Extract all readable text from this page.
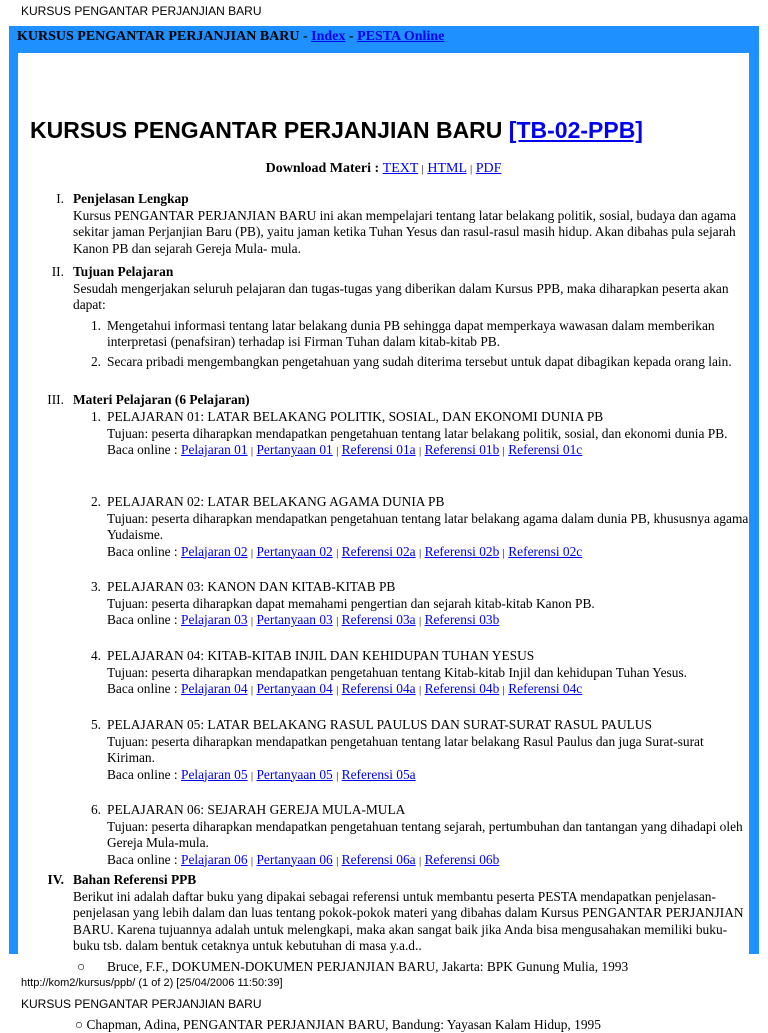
KURSUS PENGANTAR PERJANJIAN BARU
KURSUS PENGANTAR PERJANJIAN BARU - Index - PESTA Online
KURSUS PENGANTAR PERJANJIAN BARU [TB-02-PPB]
Download Materi : TEXT | HTML | PDF
I. Penjelasan Lengkap
Kursus PENGANTAR PERJANJIAN BARU ini akan mempelajari tentang latar belakang politik, sosial, budaya dan agama sekitar jaman Perjanjian Baru (PB), yaitu jaman ketika Tuhan Yesus dan rasul-rasul masih hidup. Akan dibahas pula sejarah Kanon PB dan sejarah Gereja Mula- mula.
II. Tujuan Pelajaran
Sesudah mengerjakan seluruh pelajaran dan tugas-tugas yang diberikan dalam Kursus PPB, maka diharapkan peserta akan dapat:
1. Mengetahui informasi tentang latar belakang dunia PB sehingga dapat memperkaya wawasan dalam memberikan interpretasi (penafsiran) terhadap isi Firman Tuhan dalam kitab-kitab PB.
2. Secara pribadi mengembangkan pengetahuan yang sudah diterima tersebut untuk dapat dibagikan kepada orang lain.
III. Materi Pelajaran (6 Pelajaran)
1. PELAJARAN 01: LATAR BELAKANG POLITIK, SOSIAL, DAN EKONOMI DUNIA PB
Tujuan: peserta diharapkan mendapatkan pengetahuan tentang latar belakang politik, sosial, dan ekonomi dunia PB.
Baca online : Pelajaran 01 | Pertanyaan 01 | Referensi 01a | Referensi 01b | Referensi 01c
2. PELAJARAN 02: LATAR BELAKANG AGAMA DUNIA PB
Tujuan: peserta diharapkan mendapatkan pengetahuan tentang latar belakang agama dalam dunia PB, khususnya agama Yudaisme.
Baca online : Pelajaran 02 | Pertanyaan 02 | Referensi 02a | Referensi 02b | Referensi 02c
3. PELAJARAN 03: KANON DAN KITAB-KITAB PB
Tujuan: peserta diharapkan dapat memahami pengertian dan sejarah kitab-kitab Kanon PB.
Baca online : Pelajaran 03 | Pertanyaan 03 | Referensi 03a | Referensi 03b
4. PELAJARAN 04: KITAB-KITAB INJIL DAN KEHIDUPAN TUHAN YESUS
Tujuan: peserta diharapkan mendapatkan pengetahuan tentang Kitab-kitab Injil dan kehidupan Tuhan Yesus.
Baca online : Pelajaran 04 | Pertanyaan 04 | Referensi 04a | Referensi 04b | Referensi 04c
5. PELAJARAN 05: LATAR BELAKANG RASUL PAULUS DAN SURAT-SURAT RASUL PAULUS
Tujuan: peserta diharapkan mendapatkan pengetahuan tentang latar belakang Rasul Paulus dan juga Surat-surat Kiriman.
Baca online : Pelajaran 05 | Pertanyaan 05 | Referensi 05a
6. PELAJARAN 06: SEJARAH GEREJA MULA-MULA
Tujuan: peserta diharapkan mendapatkan pengetahuan tentang sejarah, pertumbuhan dan tantangan yang dihadapi oleh Gereja Mula-mula.
Baca online : Pelajaran 06 | Pertanyaan 06 | Referensi 06a | Referensi 06b
IV. Bahan Referensi PPB
Berikut ini adalah daftar buku yang dipakai sebagai referensi untuk membantu peserta PESTA mendapatkan penjelasan-penjelasan yang lebih dalam dan luas tentang pokok-pokok materi yang dibahas dalam Kursus PENGANTAR PERJANJIAN BARU. Karena tujuannya adalah untuk melengkapi, maka akan sangat baik jika Anda bisa mengusahakan memiliki buku-buku tsb. dalam bentuk cetaknya untuk kebutuhan di masa y.a.d..
○ Bruce, F.F., DOKUMEN-DOKUMEN PERJANJIAN BARU, Jakarta: BPK Gunung Mulia, 1993
http://kom2/kursus/ppb/ (1 of 2) [25/04/2006 11:50:39]
KURSUS PENGANTAR PERJANJIAN BARU
○ Chapman, Adina, PENGANTAR PERJANJIAN BARU, Bandung: Yayasan Kalam Hidup, 1995
